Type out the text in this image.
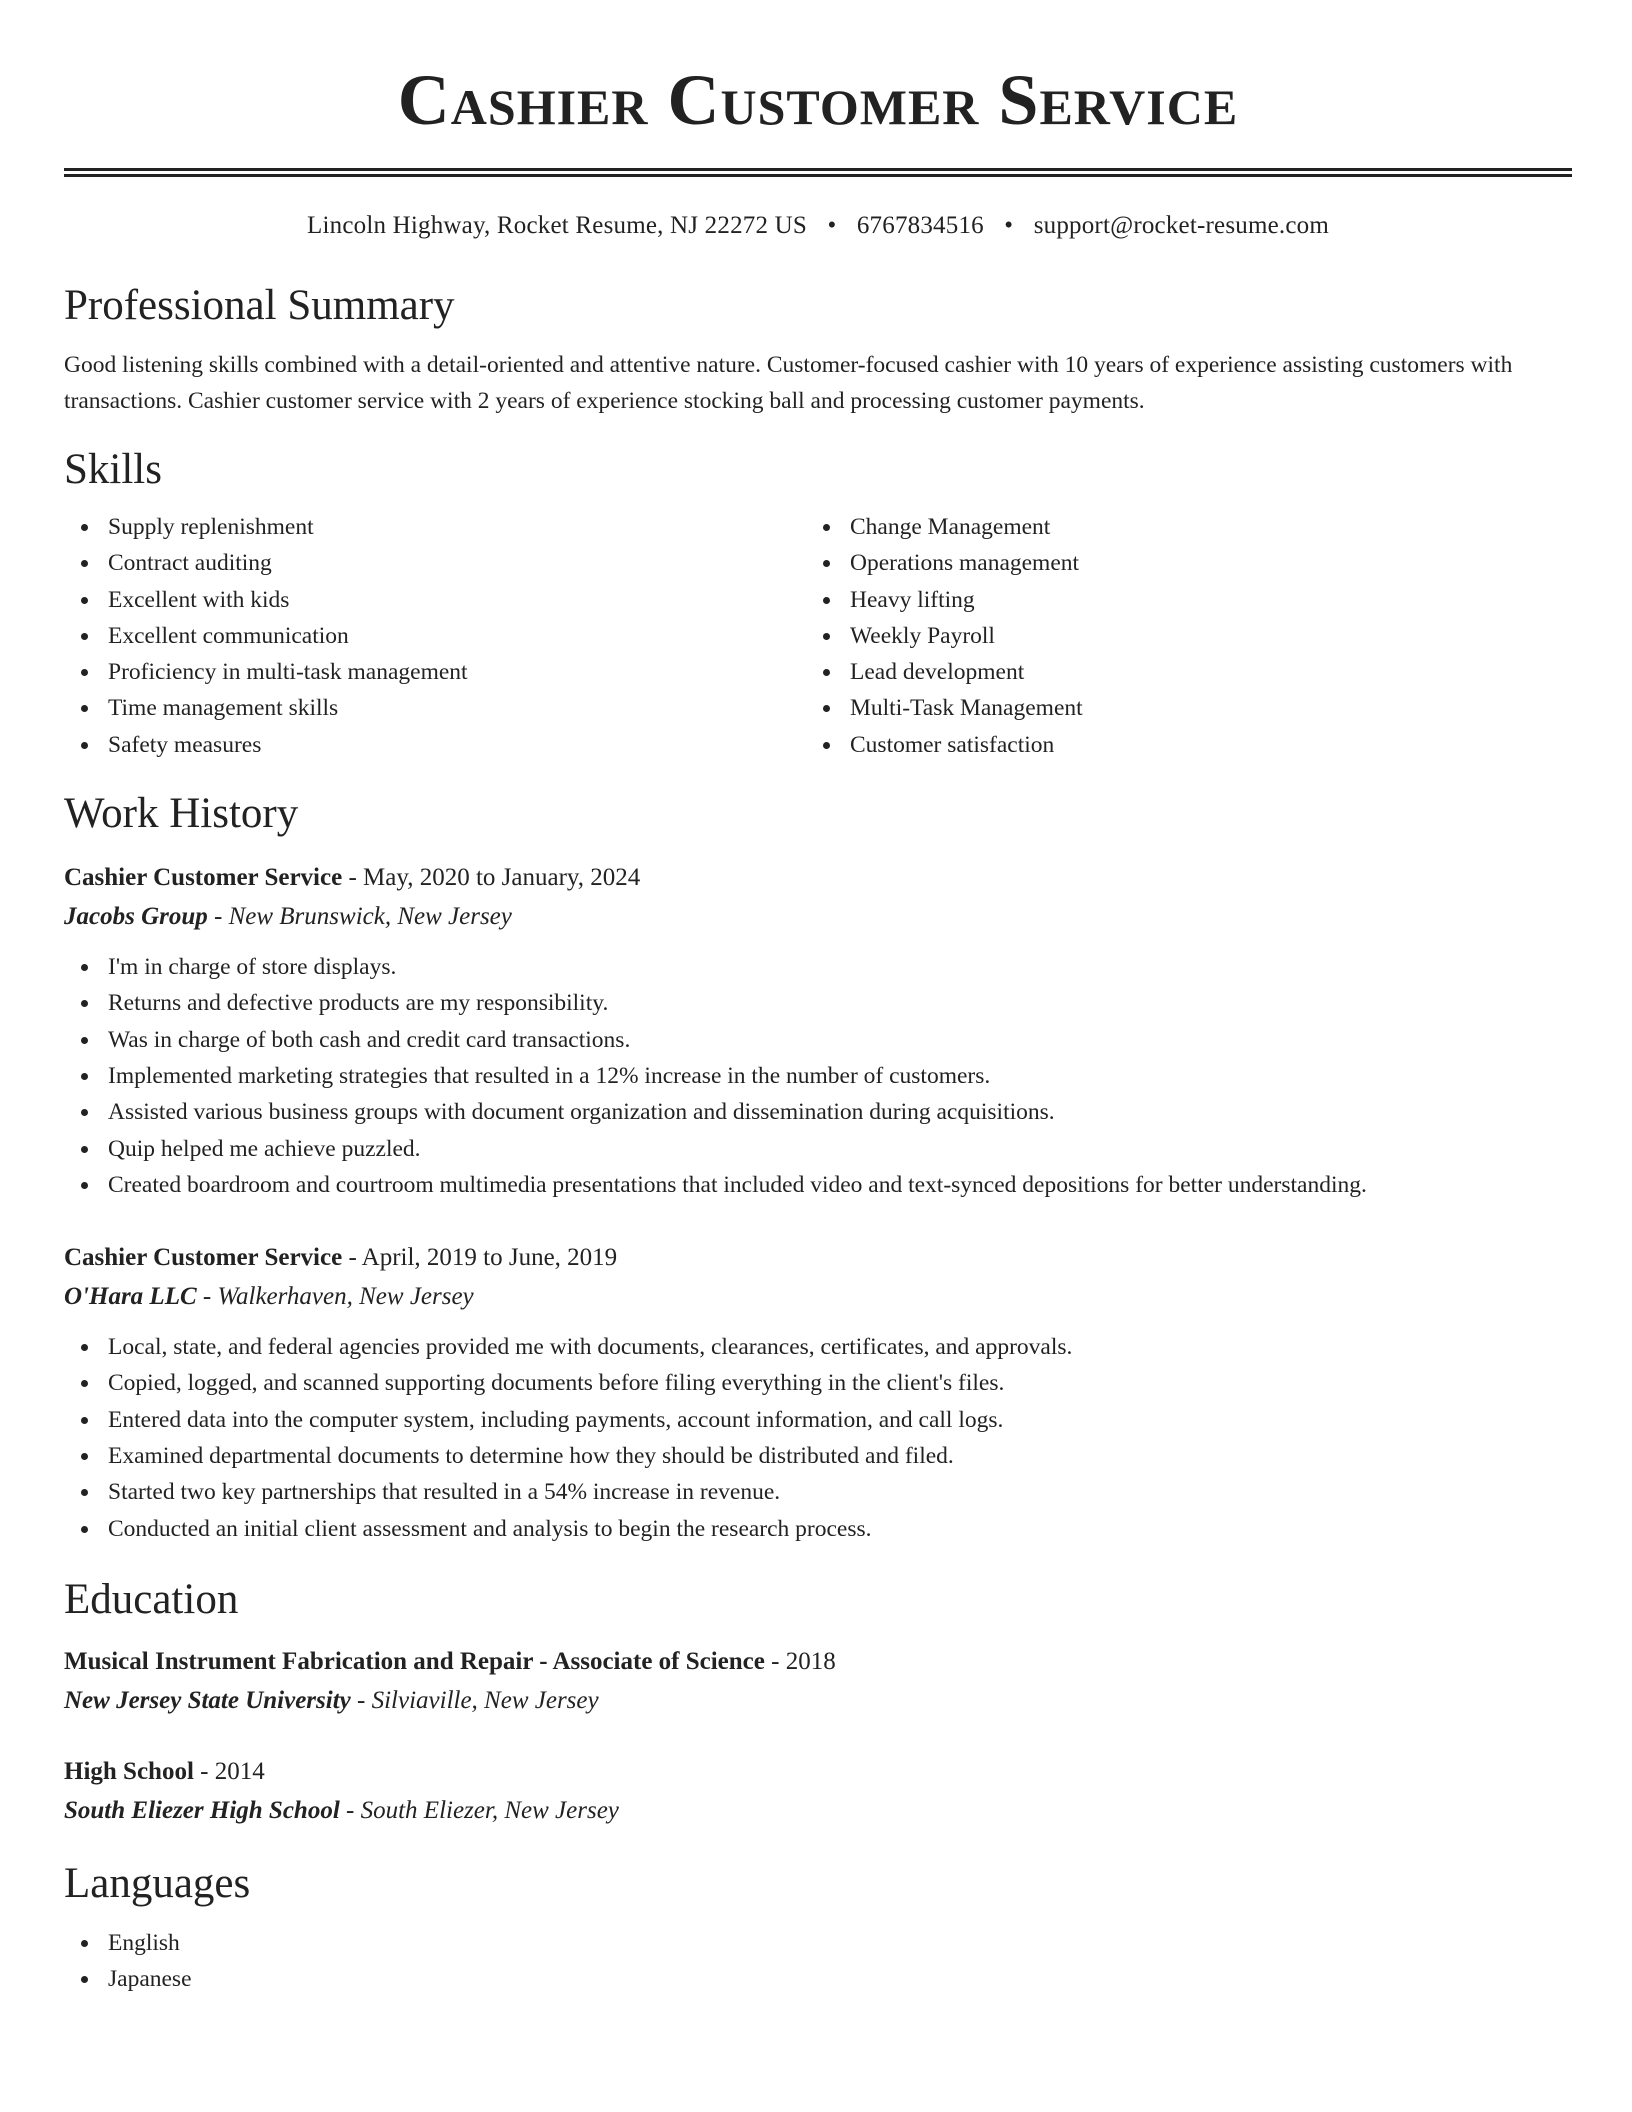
Cashier Customer Service
Lincoln Highway, Rocket Resume, NJ 22272 US • 6767834516 • support@rocket-resume.com
Professional Summary
Good listening skills combined with a detail-oriented and attentive nature. Customer-focused cashier with 10 years of experience assisting customers with transactions. Cashier customer service with 2 years of experience stocking ball and processing customer payments.
Skills
Supply replenishment
Contract auditing
Excellent with kids
Excellent communication
Proficiency in multi-task management
Time management skills
Safety measures
Change Management
Operations management
Heavy lifting
Weekly Payroll
Lead development
Multi-Task Management
Customer satisfaction
Work History
Cashier Customer Service - May, 2020 to January, 2024
Jacobs Group - New Brunswick, New Jersey
I'm in charge of store displays.
Returns and defective products are my responsibility.
Was in charge of both cash and credit card transactions.
Implemented marketing strategies that resulted in a 12% increase in the number of customers.
Assisted various business groups with document organization and dissemination during acquisitions.
Quip helped me achieve puzzled.
Created boardroom and courtroom multimedia presentations that included video and text-synced depositions for better understanding.
Cashier Customer Service - April, 2019 to June, 2019
O'Hara LLC - Walkerhaven, New Jersey
Local, state, and federal agencies provided me with documents, clearances, certificates, and approvals.
Copied, logged, and scanned supporting documents before filing everything in the client's files.
Entered data into the computer system, including payments, account information, and call logs.
Examined departmental documents to determine how they should be distributed and filed.
Started two key partnerships that resulted in a 54% increase in revenue.
Conducted an initial client assessment and analysis to begin the research process.
Education
Musical Instrument Fabrication and Repair - Associate of Science - 2018
New Jersey State University - Silviaville, New Jersey
High School - 2014
South Eliezer High School - South Eliezer, New Jersey
Languages
English
Japanese
